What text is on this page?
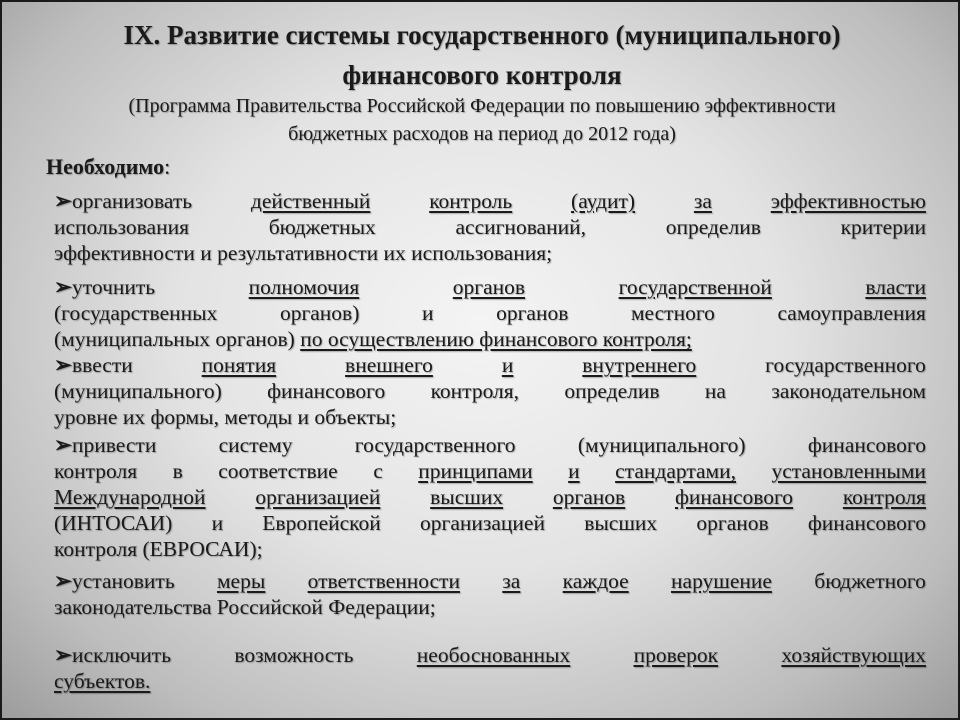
IX. Развитие системы государственного (муниципального)
финансового контроля

(Программа Правительства Российской Федерации по повышению эффективности

бюджетных расходов на период до 2012 года)

Необходимо:

➢организовать	действенный	контроль	(аудит)	за	эффективностью
использования	бюджетных	ассигнований,	определив	критерии
эффективности и результативности их использования;
➢уточнить	полномочия	органов	государственной	власти
(государственных	органов)	и	органов	местного	самоуправления
(муниципальных органов) по осуществлению финансового контроля;
➢ввести	понятия	внешнего	и	внутреннего	государственного
(муниципального) финансового контроля, определив на законодательном
уровне их формы, методы и объекты;
➢привести	систему	государственного	(муниципального)	финансового
контроля в соответствие с принципами и стандартами, установленными
Международной организацией высших органов финансового контроля
(ИНТОСАИ) и Европейской организацией высших органов финансового
контроля (ЕВРОСАИ);
➢установить меры ответственности за каждое нарушение бюджетного
законодательства Российской Федерации;
➢исключить	возможность	необоснованных	проверок	хозяйствующих
субъектов.
